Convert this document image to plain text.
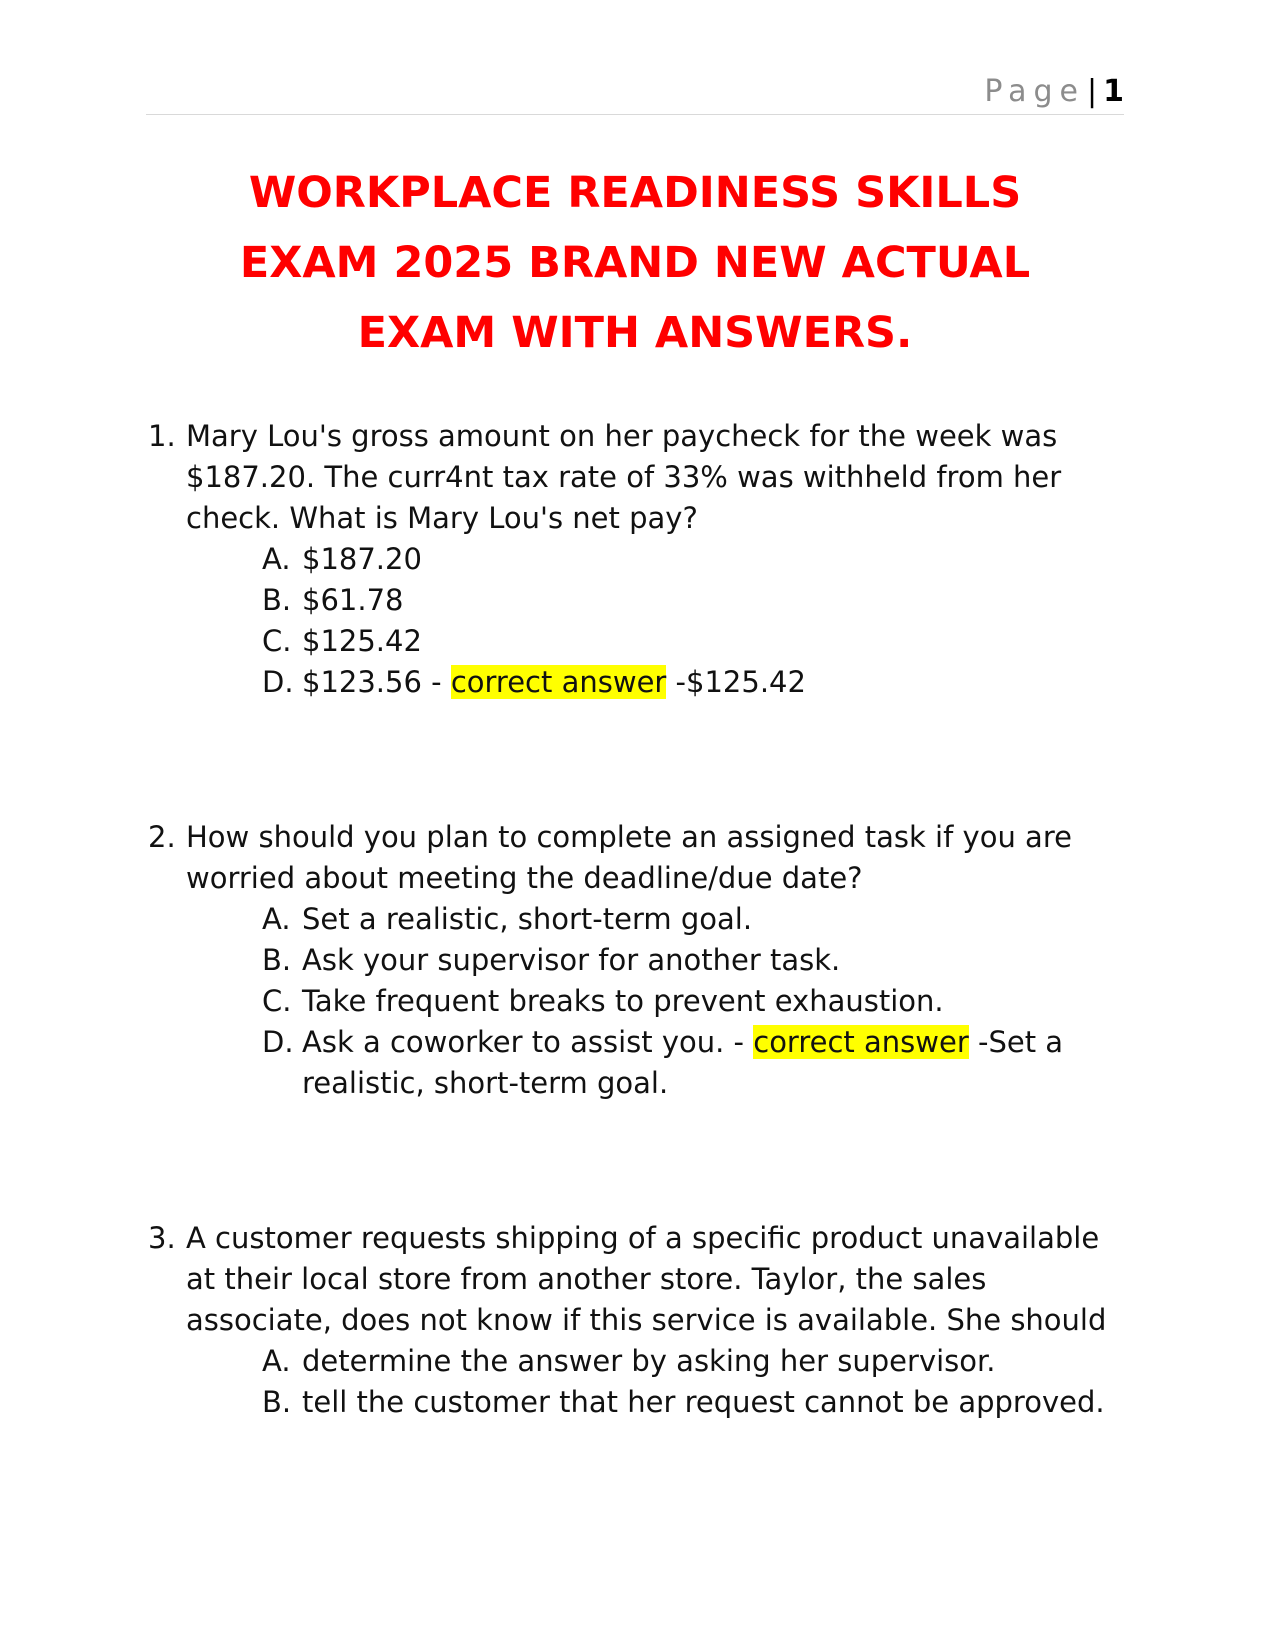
Page| 1
WORKPLACE READINESS SKILLS
EXAM 2025 BRAND NEW ACTUAL
EXAM WITH ANSWERS.
1. Mary Lou's gross amount on her paycheck for the week was $187.20. The curr4nt tax rate of 33% was withheld from her check. What is Mary Lou's net pay?
A. $187.20
B. $61.78
C. $125.42
D. $123.56 - correct answer -$125.42
2. How should you plan to complete an assigned task if you are worried about meeting the deadline/due date?
A. Set a realistic, short-term goal.
B. Ask your supervisor for another task.
C. Take frequent breaks to prevent exhaustion.
D. Ask a coworker to assist you. - correct answer -Set a realistic, short-term goal.
3. A customer requests shipping of a specific product unavailable at their local store from another store. Taylor, the sales associate, does not know if this service is available. She should
A. determine the answer by asking her supervisor.
B. tell the customer that her request cannot be approved.
